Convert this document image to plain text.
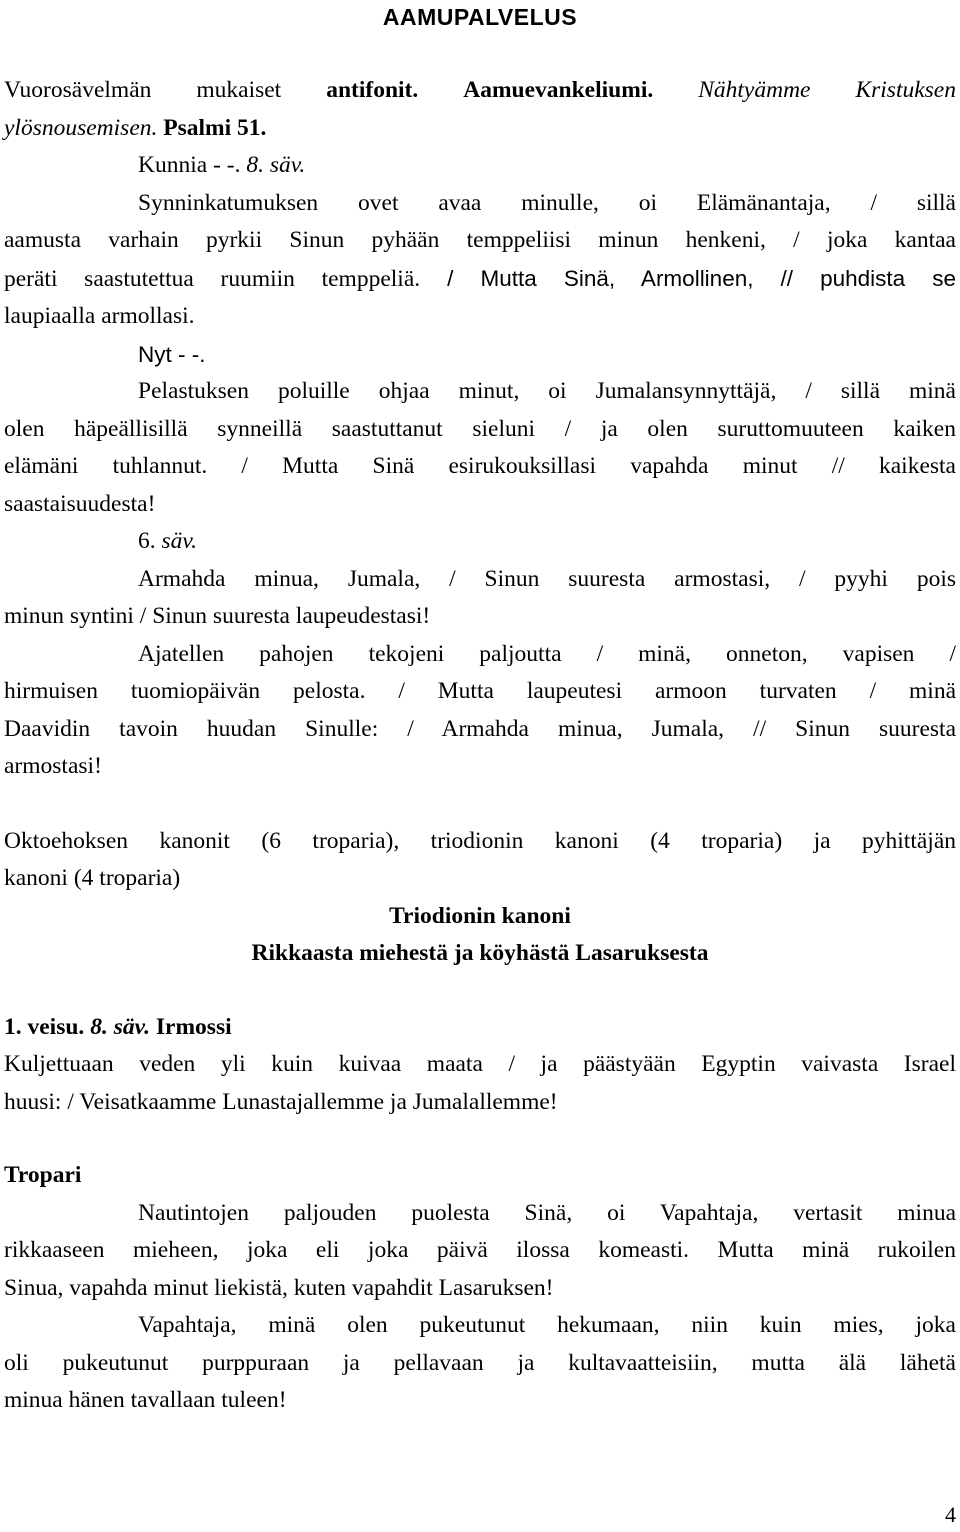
AAMUPALVELUS

Vuorosävelmän mukaiset antifonit. Aamuevankeliumi. Nähtyämme Kristuksen

ylösnousemisen. Psalmi 51.

Kunnia - -. 8. säv.

Synninkatumuksen ovet avaa minulle, oi Elämänantaja, / sillä

aamusta varhain pyrkii Sinun pyhään temppeliisi minun henkeni, / joka kantaa

peräti saastutettua ruumiin temppeliä. / Mutta Sinä, Armollinen, // puhdista se

laupiaalla armollasi.

Nyt - -.

Pelastuksen poluille ohjaa minut, oi Jumalansynnyttäjä, / sillä minä

olen häpeällisillä synneillä saastuttanut sieluni / ja olen suruttomuuteen kaiken

elämäni tuhlannut. / Mutta Sinä esirukouksillasi vapahda minut // kaikesta

saastaisuudesta!

6. säv.

Armahda minua, Jumala, / Sinun suuresta armostasi, / pyyhi pois

minun syntini / Sinun suuresta laupeudestasi!

Ajatellen pahojen tekojeni paljoutta / minä, onneton, vapisen /

hirmuisen tuomiopäivän pelosta. / Mutta laupeutesi armoon turvaten / minä

Daavidin tavoin huudan Sinulle: / Armahda minua, Jumala, // Sinun suuresta

armostasi!

Oktoehoksen kanonit (6 troparia), triodionin kanoni (4 troparia) ja pyhittäjän

kanoni (4 troparia)

Triodionin kanoni

Rikkaasta miehestä ja köyhästä Lasaruksesta

1. veisu. 8. säv. Irmossi

Kuljettuaan veden yli kuin kuivaa maata / ja päästyään Egyptin vaivasta Israel

huusi: / Veisatkaamme Lunastajallemme ja Jumalallemme!

Tropari

Nautintojen paljouden puolesta Sinä, oi Vapahtaja, vertasit minua

rikkaaseen mieheen, joka eli joka päivä ilossa komeasti. Mutta minä rukoilen

Sinua, vapahda minut liekistä, kuten vapahdit Lasaruksen!

Vapahtaja, minä olen pukeutunut hekumaan, niin kuin mies, joka

oli pukeutunut purppuraan ja pellavaan ja kultavaatteisiin, mutta älä lähetä

minua hänen tavallaan tuleen!

4
